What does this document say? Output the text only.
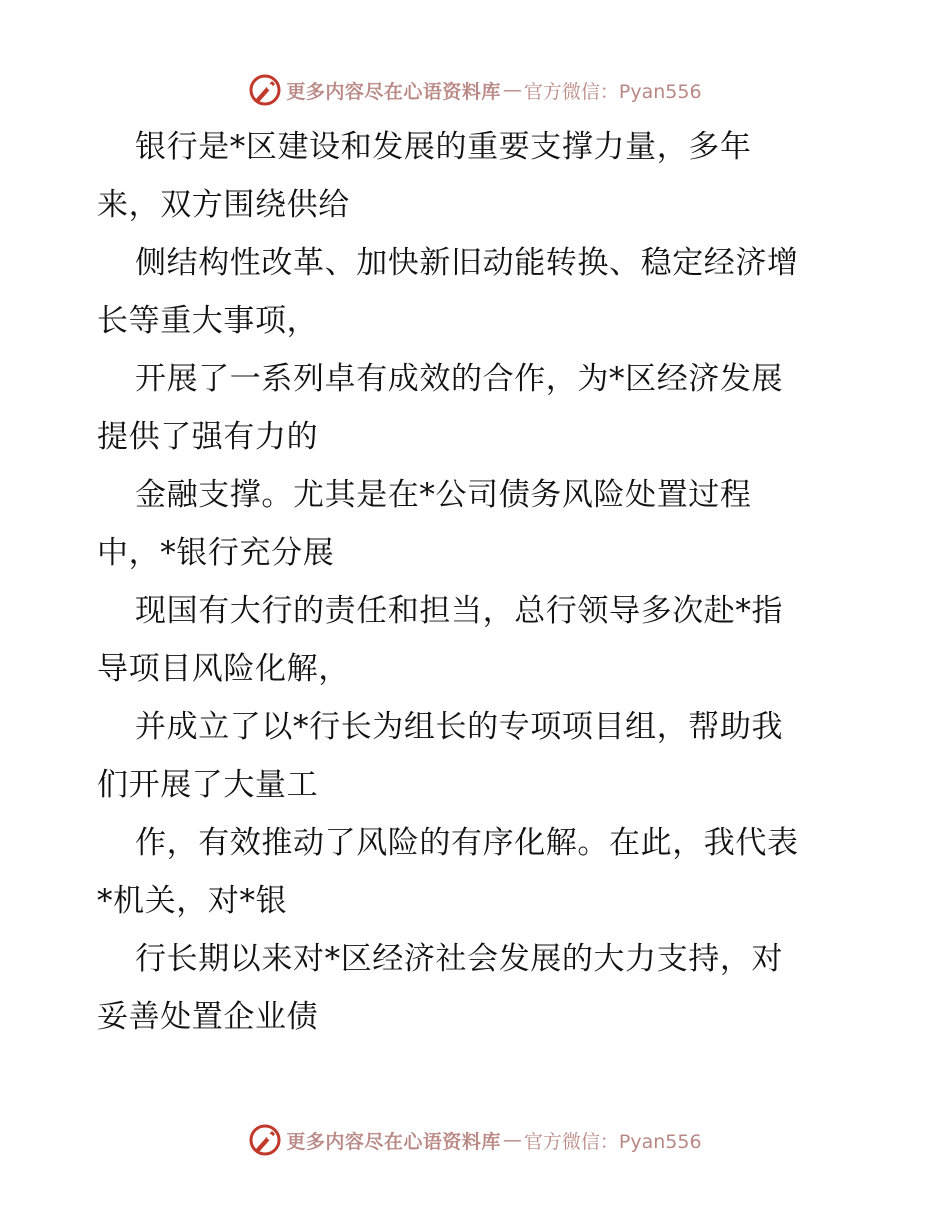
更多内容尽在心语资料库 — 官方微信：Pyan556
银行是*区建设和发展的重要支撑力量，多年
来，双方围绕供给
侧结构性改革、加快新旧动能转换、稳定经济增
长等重大事项，
开展了一系列卓有成效的合作，为*区经济发展
提供了强有力的
金融支撑。尤其是在*公司债务风险处置过程
中，*银行充分展
现国有大行的责任和担当，总行领导多次赴*指
导项目风险化解，
并成立了以*行长为组长的专项项目组，帮助我
们开展了大量工
作，有效推动了风险的有序化解。在此，我代表
*机关，对*银
行长期以来对*区经济社会发展的大力支持，对
妥善处置企业债
更多内容尽在心语资料库 — 官方微信：Pyan556
